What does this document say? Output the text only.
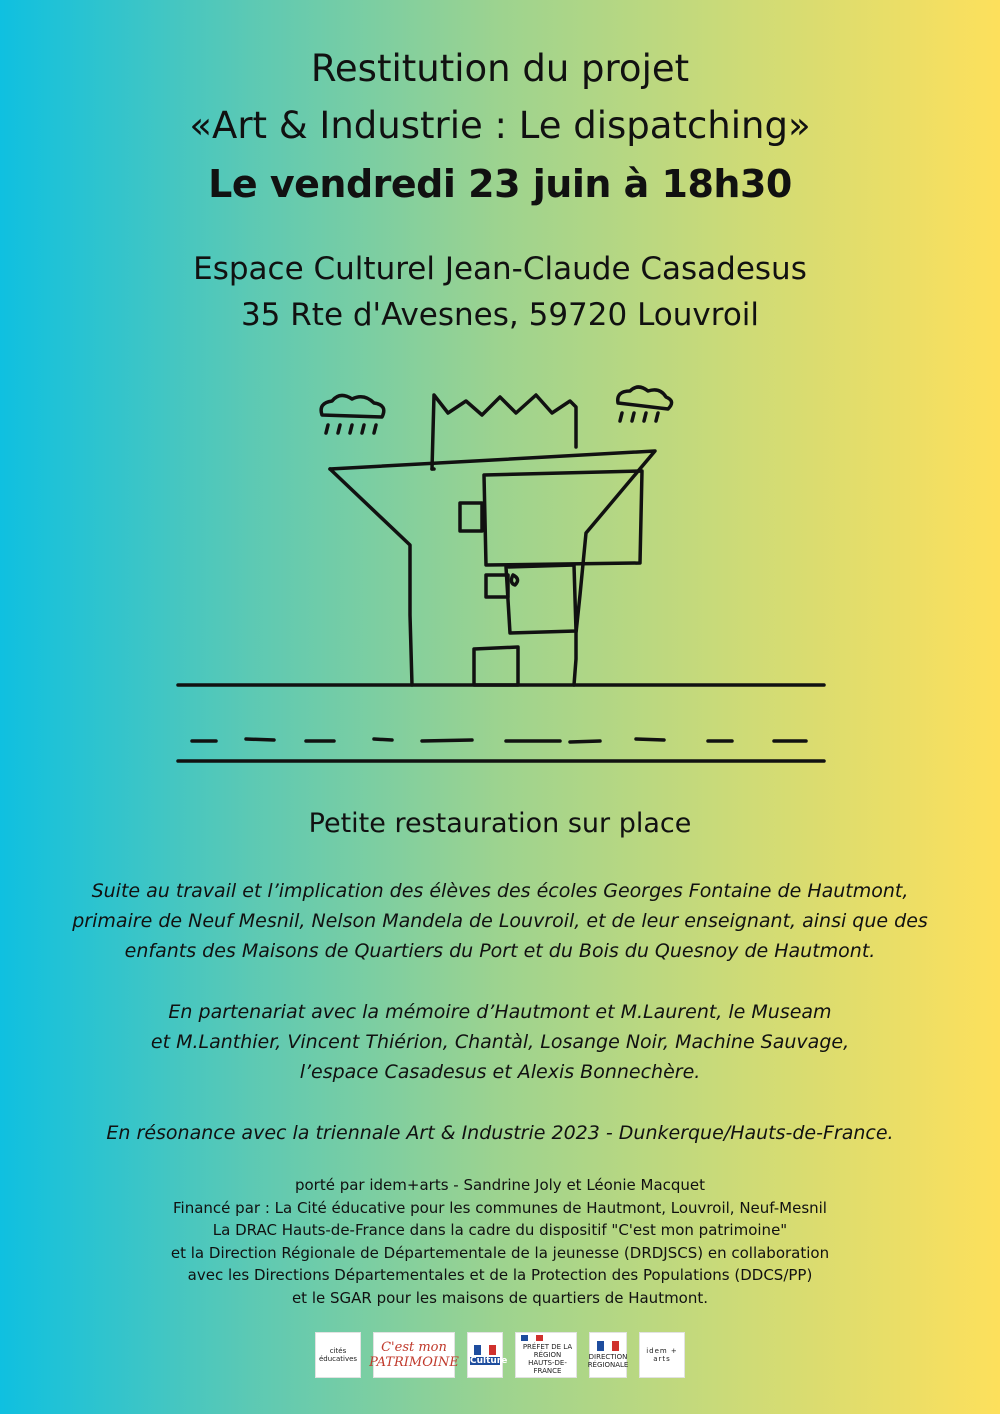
Restitution du projet
«Art & Industrie : Le dispatching»
Le vendredi 23 juin à 18h30
Espace Culturel Jean-Claude Casadesus
35 Rte d'Avesnes, 59720 Louvroil
Petite restauration sur place
Suite au travail et l’implication des élèves des écoles Georges Fontaine de Hautmont,
primaire de Neuf Mesnil, Nelson Mandela de Louvroil, et de leur enseignant, ainsi que des
enfants des Maisons de Quartiers du Port et du Bois du Quesnoy de Hautmont.
En partenariat avec la mémoire d’Hautmont et M.Laurent, le Museam
et M.Lanthier, Vincent Thiérion, Chantàl, Losange Noir, Machine Sauvage,
l’espace Casadesus et Alexis Bonnechère.
En résonance avec la triennale Art & Industrie 2023 - Dunkerque/Hauts-de-France.
porté par idem+arts - Sandrine Joly et Léonie Macquet
Financé par : La Cité éducative pour les communes de Hautmont, Louvroil, Neuf-Mesnil
La DRAC Hauts-de-France dans la cadre du dispositif "C'est mon patrimoine"
et la Direction Régionale de Départementale de la jeunesse (DRDJSCS) en collaboration
avec les Directions Départementales et de la Protection des Populations (DDCS/PP)
et le SGAR pour les maisons de quartiers de Hautmont.
cités éducatives
C'est mon
PATRIMOINE Culture
PRÉFET DE LA RÉGION HAUTS-DE-FRANCE
DIRECTION RÉGIONALE
idem + arts
